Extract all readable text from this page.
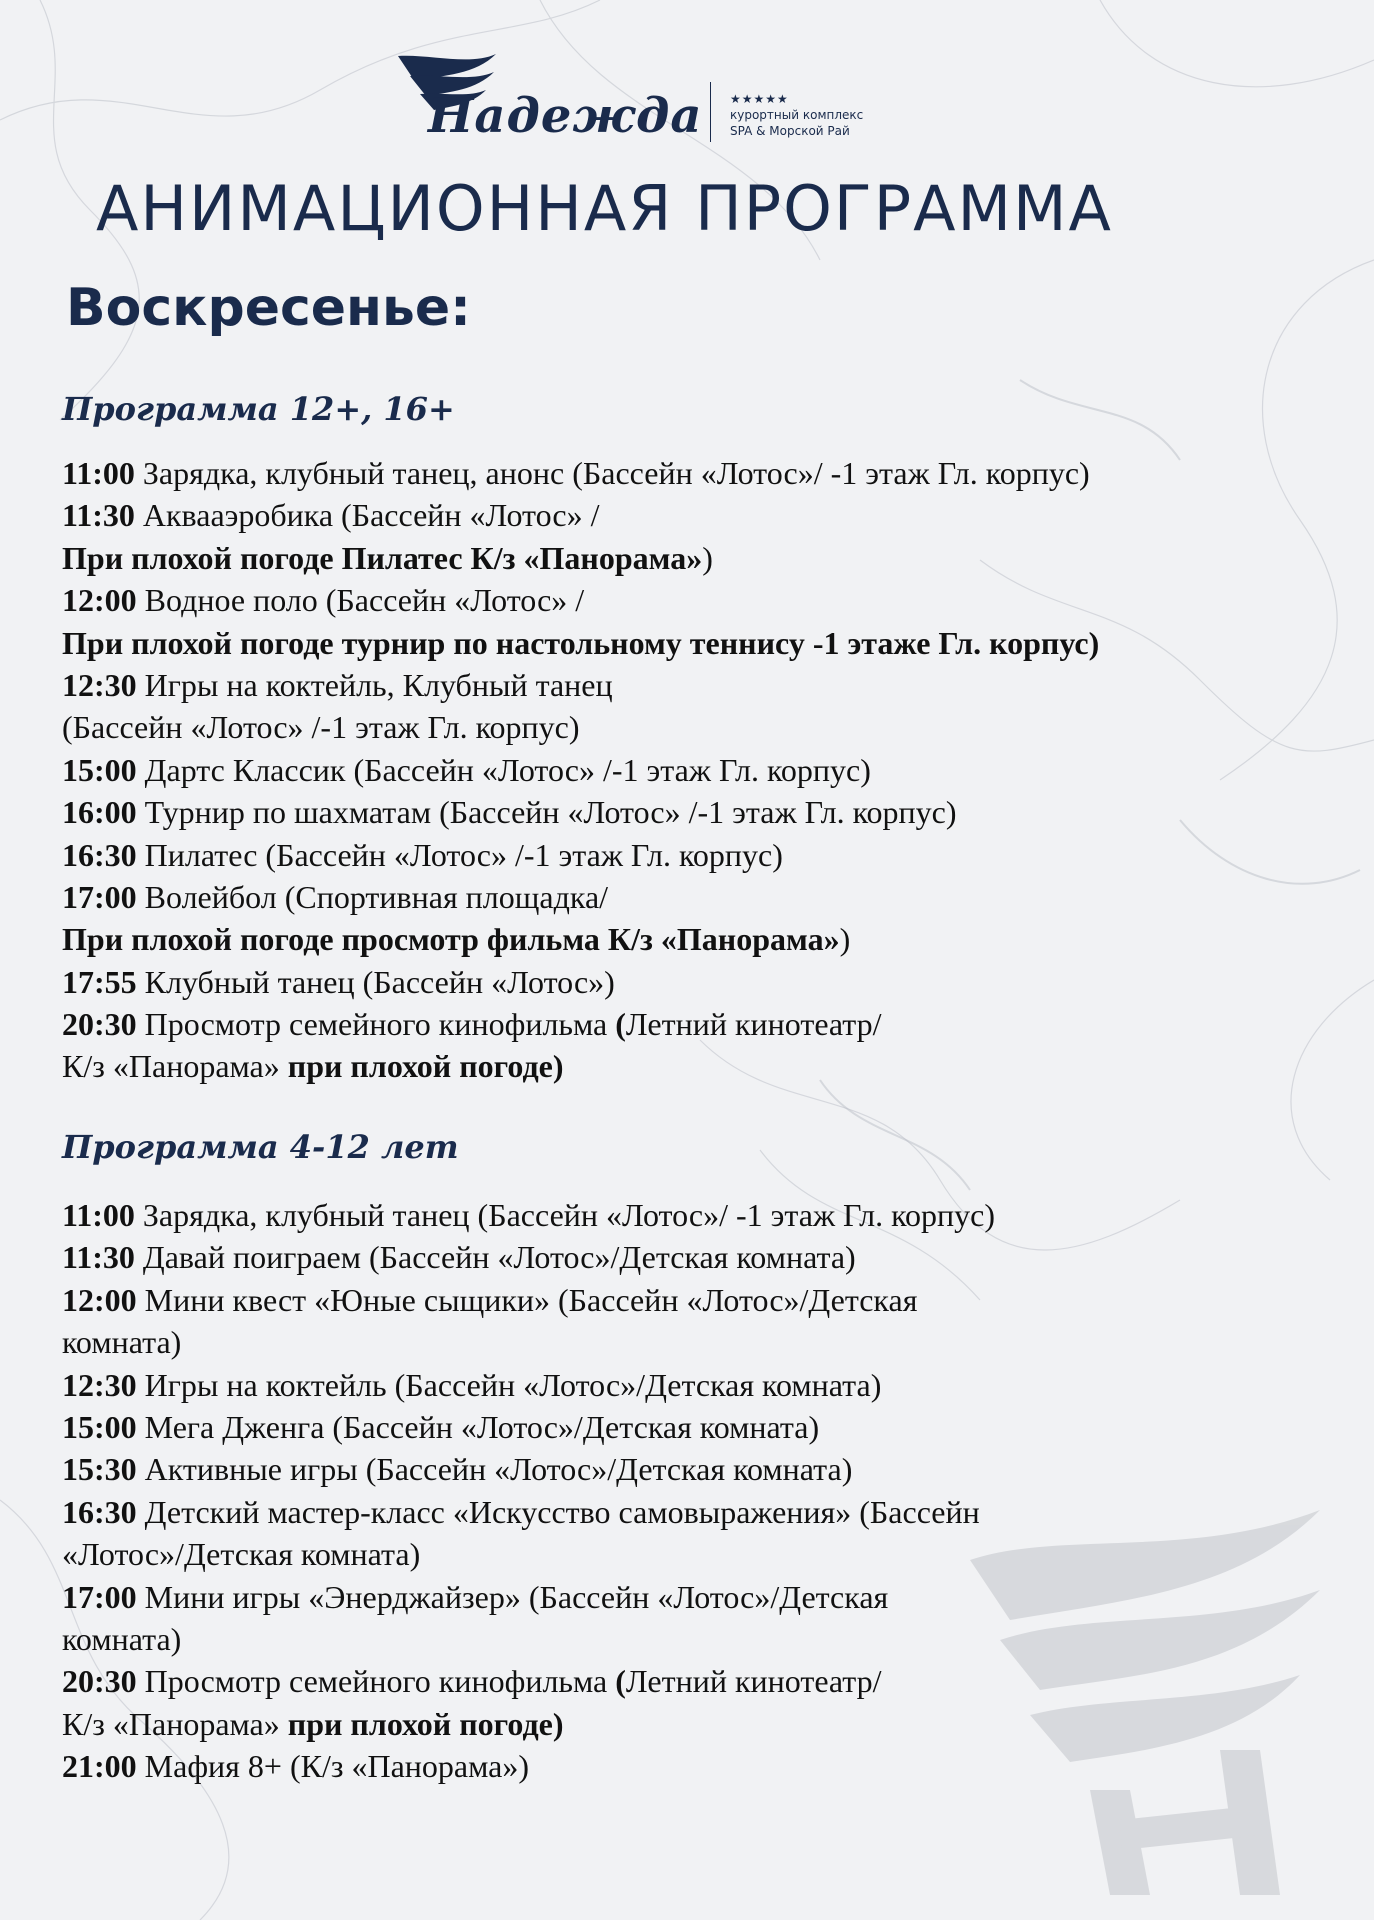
Надежда ★★★★★
курортный комплекс
SPA & Морской Рай
АНИМАЦИОННАЯ ПРОГРАММА
Воскресенье:
Программа 12+, 16+
11:00 Зарядка, клубный танец, анонс (Бассейн «Лотос»/ -1 этаж Гл. корпус)
11:30 Аквааэробика (Бассейн «Лотос» /
При плохой погоде Пилатес К/з «Панорама»)
12:00 Водное поло (Бассейн «Лотос» /
При плохой погоде турнир по настольному теннису -1 этаже Гл. корпус)
12:30 Игры на коктейль, Клубный танец
(Бассейн «Лотос» /-1 этаж Гл. корпус)
15:00 Дартс Классик (Бассейн «Лотос» /-1 этаж Гл. корпус)
16:00 Турнир по шахматам (Бассейн «Лотос» /-1 этаж Гл. корпус)
16:30 Пилатес (Бассейн «Лотос» /-1 этаж Гл. корпус)
17:00 Волейбол (Спортивная площадка/
При плохой погоде просмотр фильма К/з «Панорама»)
17:55 Клубный танец (Бассейн «Лотос»)
20:30 Просмотр семейного кинофильма (Летний кинотеатр/
К/з «Панорама» при плохой погоде)
Программа 4-12 лет
11:00 Зарядка, клубный танец (Бассейн «Лотос»/ -1 этаж Гл. корпус)
11:30 Давай поиграем (Бассейн «Лотос»/Детская комната)
12:00 Мини квест «Юные сыщики» (Бассейн «Лотос»/Детская
комната)
12:30 Игры на коктейль (Бассейн «Лотос»/Детская комната)
15:00 Мега Дженга (Бассейн «Лотос»/Детская комната)
15:30 Активные игры (Бассейн «Лотос»/Детская комната)
16:30 Детский мастер-класс «Искусство самовыражения» (Бассейн
«Лотос»/Детская комната)
17:00 Мини игры «Энерджайзер» (Бассейн «Лотос»/Детская
комната)
20:30 Просмотр семейного кинофильма (Летний кинотеатр/
К/з «Панорама» при плохой погоде)
21:00 Мафия 8+ (К/з «Панорама»)
